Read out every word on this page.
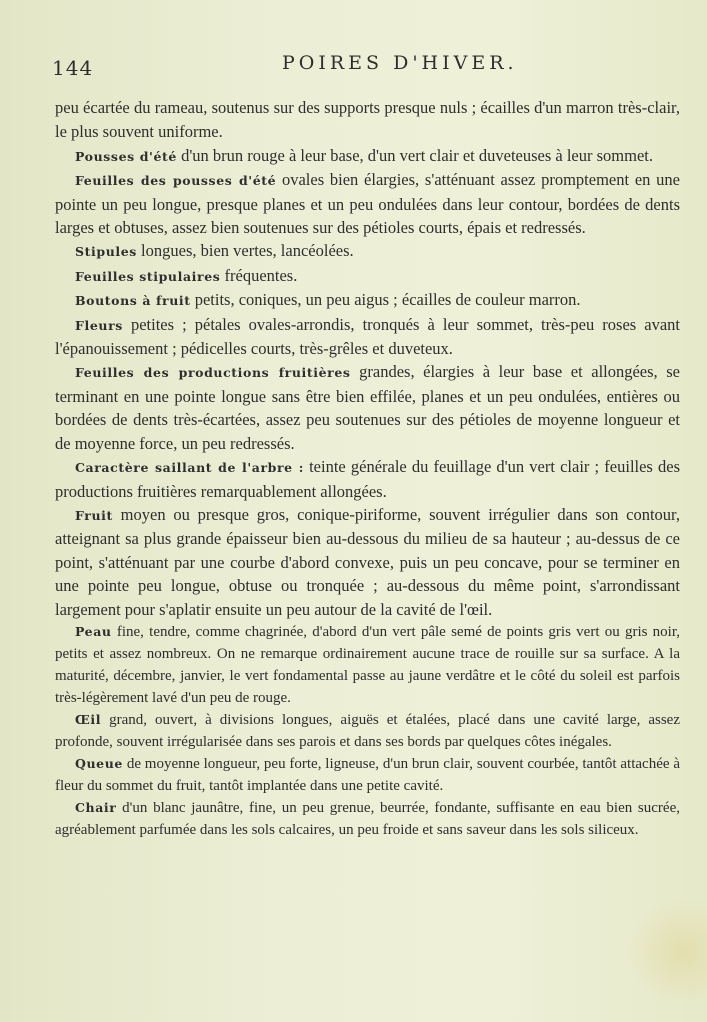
144	POIRES D'HIVER.

peu écartée du rameau, soutenus sur des supports presque nuls ; écailles d'un marron très-clair, le plus souvent uniforme.

Pousses d'été d'un brun rouge à leur base, d'un vert clair et duveteuses à leur sommet.

Feuilles des pousses d'été ovales bien élargies, s'atténuant assez promptement en une pointe un peu longue, presque planes et un peu ondulées dans leur contour, bordées de dents larges et obtuses, assez bien soutenues sur des pétioles courts, épais et redressés.

Stipules longues, bien vertes, lancéolées.

Feuilles stipulaires fréquentes.

Boutons à fruit petits, coniques, un peu aigus ; écailles de couleur marron.

Fleurs petites ; pétales ovales-arrondis, tronqués à leur sommet, très-peu roses avant l'épanouissement ; pédicelles courts, très-grêles et duveteux.

Feuilles des productions fruitières grandes, élargies à leur base et allongées, se terminant en une pointe longue sans être bien effilée, planes et un peu ondulées, entières ou bordées de dents très-écartées, assez peu soutenues sur des pétioles de moyenne longueur et de moyenne force, un peu redressés.

Caractère saillant de l'arbre : teinte générale du feuillage d'un vert clair ; feuilles des productions fruitières remarquablement allongées.

Fruit moyen ou presque gros, conique-piriforme, souvent irrégulier dans son contour, atteignant sa plus grande épaisseur bien au-dessous du milieu de sa hauteur ; au-dessus de ce point, s'atténuant par une courbe d'abord convexe, puis un peu concave, pour se terminer en une pointe peu longue, obtuse ou tronquée ; au-dessous du même point, s'arrondissant largement pour s'aplatir ensuite un peu autour de la cavité de l'œil.

Peau fine, tendre, comme chagrinée, d'abord d'un vert pâle semé de points gris vert ou gris noir, petits et assez nombreux. On ne remarque ordinairement aucune trace de rouille sur sa surface. A la maturité, décembre, janvier, le vert fondamental passe au jaune verdâtre et le côté du soleil est parfois très-légèrement lavé d'un peu de rouge.

Œil grand, ouvert, à divisions longues, aiguës et étalées, placé dans une cavité large, assez profonde, souvent irrégularisée dans ses parois et dans ses bords par quelques côtes inégales.

Queue de moyenne longueur, peu forte, ligneuse, d'un brun clair, souvent courbée, tantôt attachée à fleur du sommet du fruit, tantôt implantée dans une petite cavité.

Chair d'un blanc jaunâtre, fine, un peu grenue, beurrée, fondante, suffisante en eau bien sucrée, agréablement parfumée dans les sols calcaires, un peu froide et sans saveur dans les sols siliceux.
